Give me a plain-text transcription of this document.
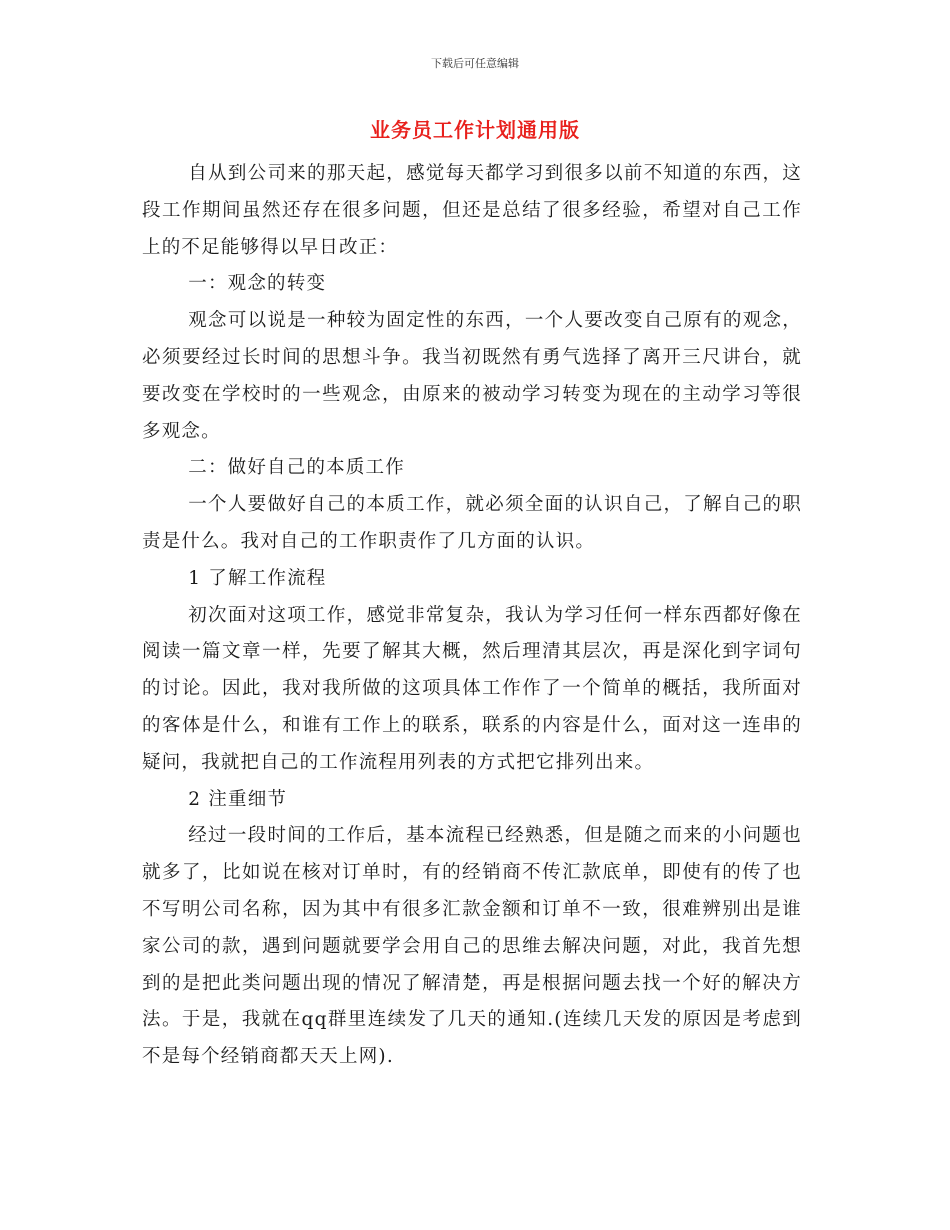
下载后可任意编辑
业务员工作计划通用版

自从到公司来的那天起，感觉每天都学习到很多以前不知道的东西，这段工作期间虽然还存在很多问题，但还是总结了很多经验，希望对自己工作上的不足能够得以早日改正：

一：观念的转变

观念可以说是一种较为固定性的东西，一个人要改变自己原有的观念，必须要经过长时间的思想斗争。我当初既然有勇气选择了离开三尺讲台，就要改变在学校时的一些观念，由原来的被动学习转变为现在的主动学习等很多观念。

二：做好自己的本质工作

一个人要做好自己的本质工作，就必须全面的认识自己，了解自己的职责是什么。我对自己的工作职责作了几方面的认识。

1 了解工作流程

初次面对这项工作，感觉非常复杂，我认为学习任何一样东西都好像在阅读一篇文章一样，先要了解其大概，然后理清其层次，再是深化到字词句的讨论。因此，我对我所做的这项具体工作作了一个简单的概括，我所面对的客体是什么，和谁有工作上的联系，联系的内容是什么，面对这一连串的疑问，我就把自己的工作流程用列表的方式把它排列出来。

2 注重细节

经过一段时间的工作后，基本流程已经熟悉，但是随之而来的小问题也就多了，比如说在核对订单时，有的经销商不传汇款底单，即使有的传了也不写明公司名称，因为其中有很多汇款金额和订单不一致，很难辨别出是谁家公司的款，遇到问题就要学会用自己的思维去解决问题，对此，我首先想到的是把此类问题出现的情况了解清楚，再是根据问题去找一个好的解决方法。于是，我就在qq群里连续发了几天的通知.(连续几天发的原因是考虑到不是每个经销商都天天上网).
